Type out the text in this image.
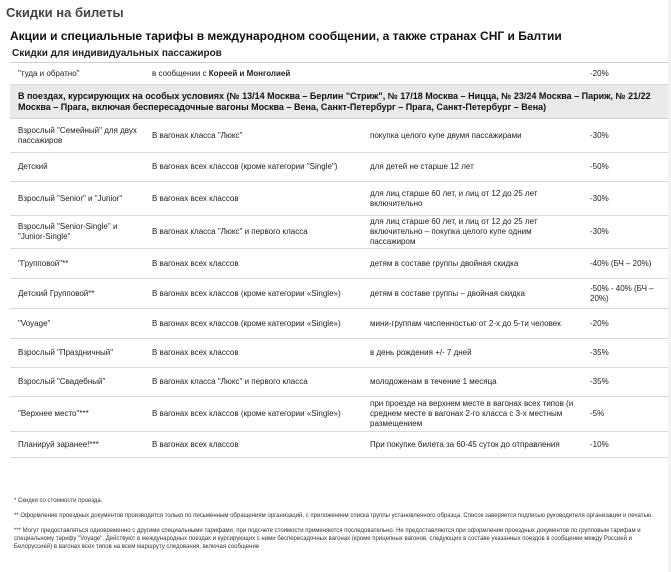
Скидки на билеты
Акции и специальные тарифы в международном сообщении, а также странах СНГ и Балтии
Скидки для индивидуальных пассажиров
"туда и обратно"	в сообщении с Кореей и Монголией		-20%
В поездах, курсирующих на особых условиях (№ 13/14 Москва – Берлин "Стриж", № 17/18 Москва – Ницца, № 23/24 Москва – Париж, № 21/22 Москва – Прага, включая беспересадочные вагоны Москва – Вена, Санкт-Петербург – Прага, Санкт-Петербург – Вена)			
Взрослый "Семейный" для двух пассажиров	В вагонах класса "Люкс"	покупка целого купе двумя пассажирами	-30%
Детский	В вагонах всех классов (кроме категории "Single")	для детей не старше 12 лет	-50%
Взрослый "Senior" и "Junior"	В вагонах всех классов	для лиц старше 60 лет, и лиц от 12 до 25 лет включительно	-30%
Взрослый "Senior-Single" и "Junior-Single"	В вагонах класса "Люкс" и первого класса	для лиц старше 60 лет, и лиц от 12 до 25 лет включительно – покупка целого купе одним пассажиром	-30%
"Групповой"**	В вагонах всех классов	детям в составе группы двойная скидка	-40% (БЧ – 20%)
Детский Групповой**	В вагонах всех классов (кроме категории «Single»)	детям в составе группы – двойная скидка	-50% - 40% (БЧ – 20%)
"Voyage"	В вагонах всех классов (кроме категории «Single»)	мини-группам численностью от 2-х до 5-ти человек	-20%
Взрослый "Праздничный"	В вагонах всех классов	в день рождения +/- 7 дней	-35%
Взрослый "Свадебный"	В вагонах класса "Люкс" и первого класса	молодоженам в течение 1 месяца	-35%
"Верхнее место"***	В вагонах всех классов (кроме категории «Single»)	при проезде на верхнем месте в вагонах всех типов (и среднем месте в вагонах 2-го класса с 3-х местным размещением	-5%
Планируй заранее!***	В вагонах всех классов	При покупке билета за 60-45 суток до отправления	-10%

* Скидки со стоимости проезда.

** Оформление проездных документов производится только по письменным обращениям организаций, с приложением списка группы установленного образца. Список заверяется подписью руководителя организации и печатью.

*** Могут предоставляться одновременно с другими специальными тарифами, при подсчете стоимости применяются последовательно. Не предоставляются при оформлении проездных документов по групповым тарифам и специальному тарифу "Voyage". Действуют в международных поездах и курсирующих с ними беспересадочных вагонах (кроме прицепных вагонов, следующих в составе указанных поездов в сообщении между Россией и Белоруссией) в вагонах всех типов на всем маршруту следования, включая сообщение
